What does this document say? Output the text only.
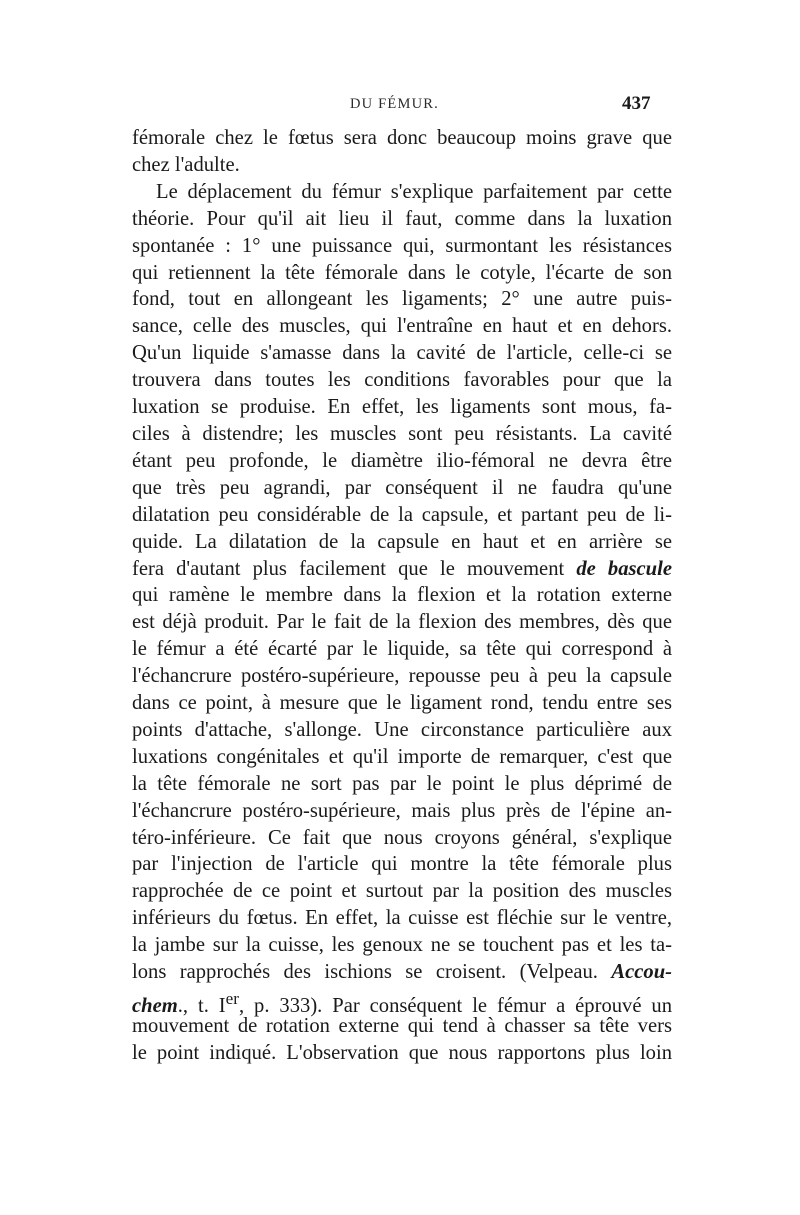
DU FÉMUR.	437
fémorale chez le fœtus sera donc beaucoup moins grave que
chez l'adulte.
Le déplacement du fémur s'explique parfaitement par cette
théorie. Pour qu'il ait lieu il faut, comme dans la luxation
spontanée : 1° une puissance qui, surmontant les résistances
qui retiennent la tête fémorale dans le cotyle, l'écarte de son
fond, tout en allongeant les ligaments; 2° une autre puis-
sance, celle des muscles, qui l'entraîne en haut et en dehors.
Qu'un liquide s'amasse dans la cavité de l'article, celle-ci se
trouvera dans toutes les conditions favorables pour que la
luxation se produise. En effet, les ligaments sont mous, fa-
ciles à distendre; les muscles sont peu résistants. La cavité
étant peu profonde, le diamètre ilio-fémoral ne devra être
que très peu agrandi, par conséquent il ne faudra qu'une
dilatation peu considérable de la capsule, et partant peu de li-
quide. La dilatation de la capsule en haut et en arrière se
fera d'autant plus facilement que le mouvement de bascule
qui ramène le membre dans la flexion et la rotation externe
est déjà produit. Par le fait de la flexion des membres, dès que
le fémur a été écarté par le liquide, sa tête qui correspond à
l'échancrure postéro-supérieure, repousse peu à peu la capsule
dans ce point, à mesure que le ligament rond, tendu entre ses
points d'attache, s'allonge. Une circonstance particulière aux
luxations congénitales et qu'il importe de remarquer, c'est que
la tête fémorale ne sort pas par le point le plus déprimé de
l'échancrure postéro-supérieure, mais plus près de l'épine an-
téro-inférieure. Ce fait que nous croyons général, s'explique
par l'injection de l'article qui montre la tête fémorale plus
rapprochée de ce point et surtout par la position des muscles
inférieurs du fœtus. En effet, la cuisse est fléchie sur le ventre,
la jambe sur la cuisse, les genoux ne se touchent pas et les ta-
lons rapprochés des ischions se croisent. (Velpeau. Accou-
chem., t. Ier, p. 333). Par conséquent le fémur a éprouvé un
mouvement de rotation externe qui tend à chasser sa tête vers
le point indiqué. L'observation que nous rapportons plus loin
